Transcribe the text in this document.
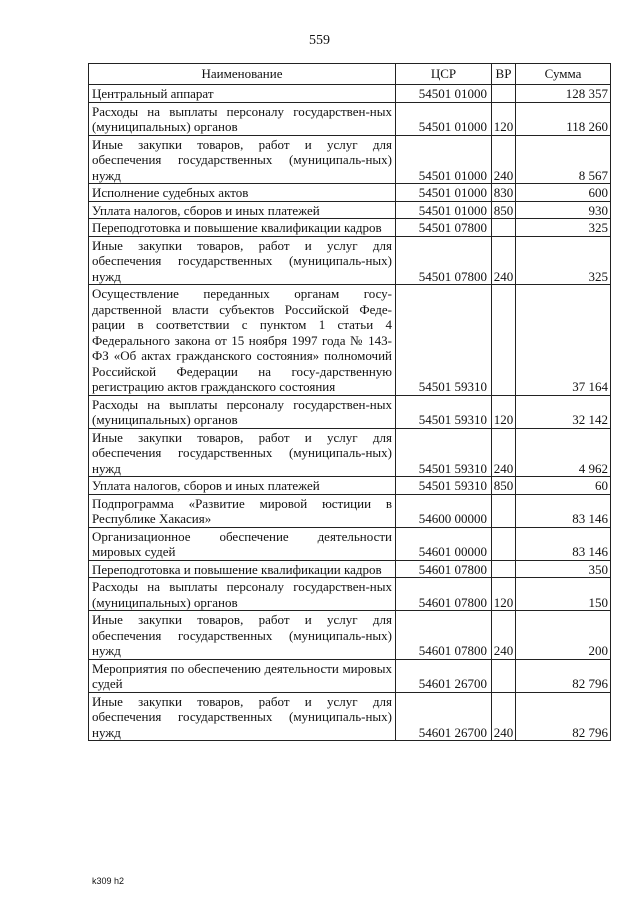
559
Наименование	ЦСР	ВР	Сумма
Центральный аппарат	54501 01000		128 357
Расходы на выплаты персоналу государствен-ных (муниципальных) органов	54501 01000	120	118 260
Иные закупки товаров, работ и услуг для обеспечения государственных (муниципаль-ных) нужд	54501 01000	240	8 567
Исполнение судебных актов	54501 01000	830	600
Уплата налогов, сборов и иных платежей	54501 01000	850	930
Переподготовка и повышение квалификации кадров	54501 07800		325
Иные закупки товаров, работ и услуг для обеспечения государственных (муниципаль-ных) нужд	54501 07800	240	325
Осуществление переданных органам госу-дарственной власти субъектов Российской Феде-рации в соответствии с пунктом 1 статьи 4 Федерального закона от 15 ноября 1997 года № 143-ФЗ «Об актах гражданского состояния» полномочий Российской Федерации на госу-дарственную регистрацию актов гражданского состояния	54501 59310		37 164
Расходы на выплаты персоналу государствен-ных (муниципальных) органов	54501 59310	120	32 142
Иные закупки товаров, работ и услуг для обеспечения государственных (муниципаль-ных) нужд	54501 59310	240	4 962
Уплата налогов, сборов и иных платежей	54501 59310	850	60
Подпрограмма «Развитие мировой юстиции в Республике Хакасия»	54600 00000		83 146
Организационное обеспечение деятельности мировых судей	54601 00000		83 146
Переподготовка и повышение квалификации кадров	54601 07800		350
Расходы на выплаты персоналу государствен-ных (муниципальных) органов	54601 07800	120	150
Иные закупки товаров, работ и услуг для обеспечения государственных (муниципаль-ных) нужд	54601 07800	240	200
Мероприятия по обеспечению деятельности мировых судей	54601 26700		82 796
Иные закупки товаров, работ и услуг для обеспечения государственных (муниципаль-ных) нужд	54601 26700	240	82 796
k309 h2
